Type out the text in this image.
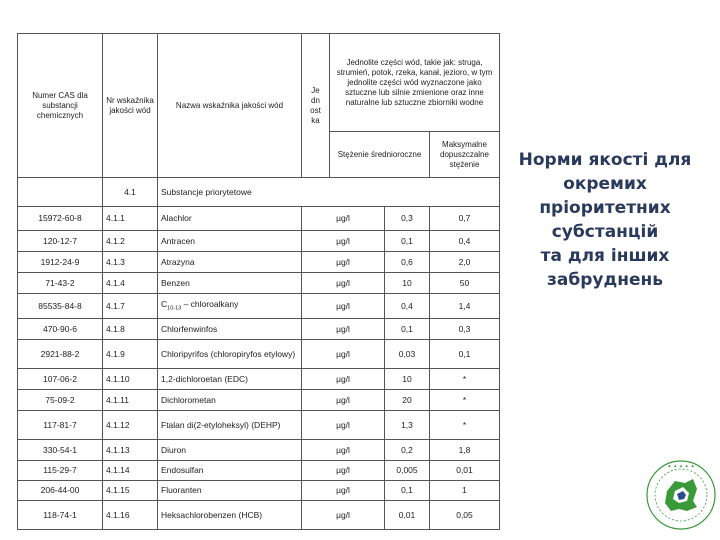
Numer CAS dla substancji chemicznych	Nr wskaźnika jakości wód	Nazwa wskaźnika jakości wód	Je dn ost ka	Jednolite części wód, takie jak: struga, strumień, potok, rzeka, kanał, jezioro, w tym jednolite części wód wyznaczone jako sztuczne lub silnie zmienione oraz inne naturalne lub sztuczne zbiorniki wodne		
				Stężenie średnioroczne		Maksymalne dopuszczalne stężenie
	4.1	Substancje priorytetowe				
15972-60-8	4.1.1	Alachlor	µg/l		0,3	0,7
120-12-7	4.1.2	Antracen	µg/l		0,1	0,4
1912-24-9	4.1.3	Atrazyna	µg/l		0,6	2,0
71-43-2	4.1.4	Benzen	µg/l		10	50
85535-84-8	4.1.7	$C_{10-13}$ – chloroalkany	µg/l		0,4	1,4
470-90-6	4.1.8	Chlorfenwinfos	µg/l		0,1	0,3
2921-88-2	4.1.9	Chloripyrifos (chloropiryfos etylowy)	µg/l		0,03	0,1
107-06-2	4.1.10	1,2-dichloroetan (EDC)	µg/l		10	*
75-09-2	4.1.11	Dichlorometan	µg/l		20	*
117-81-7	4.1.12	Ftalan di(2-etyloheksyl) (DEHP)	µg/l		1,3	*
330-54-1	4.1.13	Diuron	µg/l		0,2	1,8
115-29-7	4.1.14	Endosulfan	µg/l		0,005	0,01
206-44-00	4.1.15	Fluoranten	µg/l		0,1	1
118-74-1	4.1.16	Heksachlorobenzen (HCB)	µg/l		0,01	0,05
Норми якості для
окремих
пріоритетних
субстанцій
та для інших
забруднень
✦ ✦ ✦ ✦ ✦
